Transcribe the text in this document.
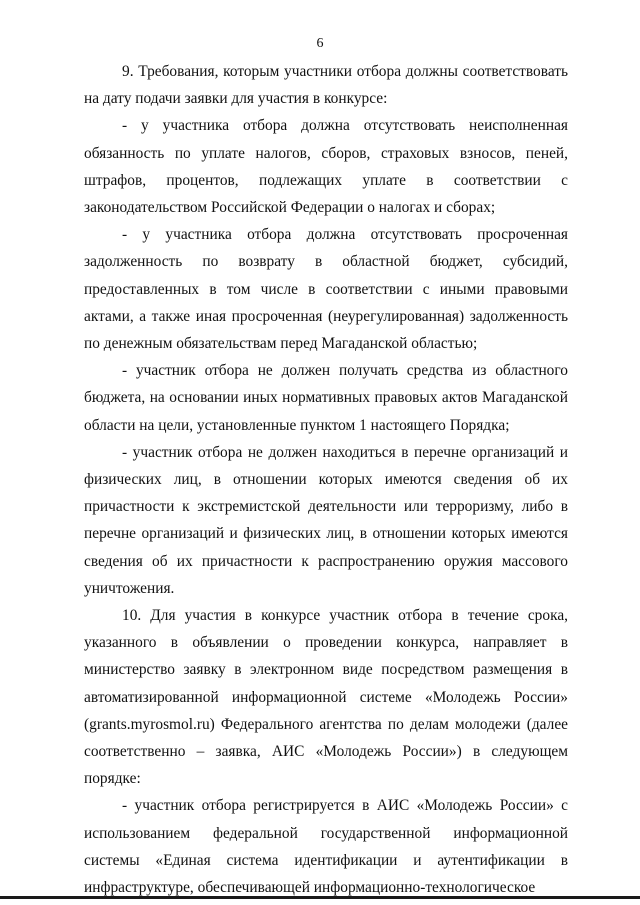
6

9. Требования, которым участники отбора должны соответствовать на дату подачи заявки для участия в конкурсе:

- у участника отбора должна отсутствовать неисполненная обязанность по уплате налогов, сборов, страховых взносов, пеней, штрафов, процентов, подлежащих уплате в соответствии с законодательством Российской Федерации о налогах и сборах;

- у участника отбора должна отсутствовать просроченная задолженность по возврату в областной бюджет, субсидий, предоставленных в том числе в соответствии с иными правовыми актами, а также иная просроченная (неурегулированная) задолженность по денежным обязательствам перед Магаданской областью;

- участник отбора не должен получать средства из областного бюджета, на основании иных нормативных правовых актов Магаданской области на цели, установленные пунктом 1 настоящего Порядка;

- участник отбора не должен находиться в перечне организаций и физических лиц, в отношении которых имеются сведения об их причастности к экстремистской деятельности или терроризму, либо в перечне организаций и физических лиц, в отношении которых имеются сведения об их причастности к распространению оружия массового уничтожения.

10. Для участия в конкурсе участник отбора в течение срока, указанного в объявлении о проведении конкурса, направляет в министерство заявку в электронном виде посредством размещения в автоматизированной информационной системе «Молодежь России» (grants.myrosmol.ru) Федерального агентства по делам молодежи (далее соответственно – заявка, АИС «Молодежь России») в следующем порядке:

- участник отбора регистрируется в АИС «Молодежь России» с использованием федеральной государственной информационной системы «Единая система идентификации и аутентификации в инфраструктуре, обеспечивающей информационно-технологическое
